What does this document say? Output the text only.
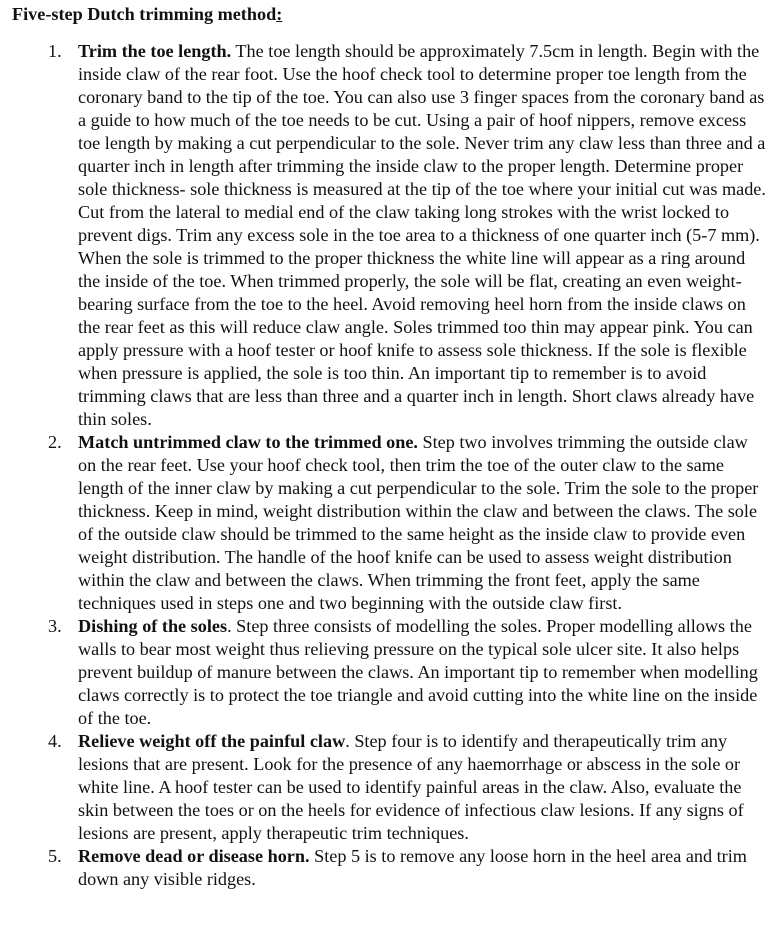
Five-step Dutch trimming method:
1. Trim the toe length. The toe length should be approximately 7.5cm in length. Begin with the inside claw of the rear foot. Use the hoof check tool to determine proper toe length from the coronary band to the tip of the toe. You can also use 3 finger spaces from the coronary band as a guide to how much of the toe needs to be cut. Using a pair of hoof nippers, remove excess toe length by making a cut perpendicular to the sole. Never trim any claw less than three and a quarter inch in length after trimming the inside claw to the proper length. Determine proper sole thickness- sole thickness is measured at the tip of the toe where your initial cut was made. Cut from the lateral to medial end of the claw taking long strokes with the wrist locked to prevent digs. Trim any excess sole in the toe area to a thickness of one quarter inch (5-7 mm). When the sole is trimmed to the proper thickness the white line will appear as a ring around the inside of the toe. When trimmed properly, the sole will be flat, creating an even weight-bearing surface from the toe to the heel. Avoid removing heel horn from the inside claws on the rear feet as this will reduce claw angle. Soles trimmed too thin may appear pink. You can apply pressure with a hoof tester or hoof knife to assess sole thickness. If the sole is flexible when pressure is applied, the sole is too thin. An important tip to remember is to avoid trimming claws that are less than three and a quarter inch in length. Short claws already have thin soles.
2. Match untrimmed claw to the trimmed one. Step two involves trimming the outside claw on the rear feet. Use your hoof check tool, then trim the toe of the outer claw to the same length of the inner claw by making a cut perpendicular to the sole. Trim the sole to the proper thickness. Keep in mind, weight distribution within the claw and between the claws. The sole of the outside claw should be trimmed to the same height as the inside claw to provide even weight distribution. The handle of the hoof knife can be used to assess weight distribution within the claw and between the claws. When trimming the front feet, apply the same techniques used in steps one and two beginning with the outside claw first.
3. Dishing of the soles. Step three consists of modelling the soles. Proper modelling allows the walls to bear most weight thus relieving pressure on the typical sole ulcer site. It also helps prevent buildup of manure between the claws. An important tip to remember when modelling claws correctly is to protect the toe triangle and avoid cutting into the white line on the inside of the toe.
4. Relieve weight off the painful claw. Step four is to identify and therapeutically trim any lesions that are present. Look for the presence of any haemorrhage or abscess in the sole or white line. A hoof tester can be used to identify painful areas in the claw. Also, evaluate the skin between the toes or on the heels for evidence of infectious claw lesions. If any signs of lesions are present, apply therapeutic trim techniques.
5. Remove dead or disease horn. Step 5 is to remove any loose horn in the heel area and trim down any visible ridges.
